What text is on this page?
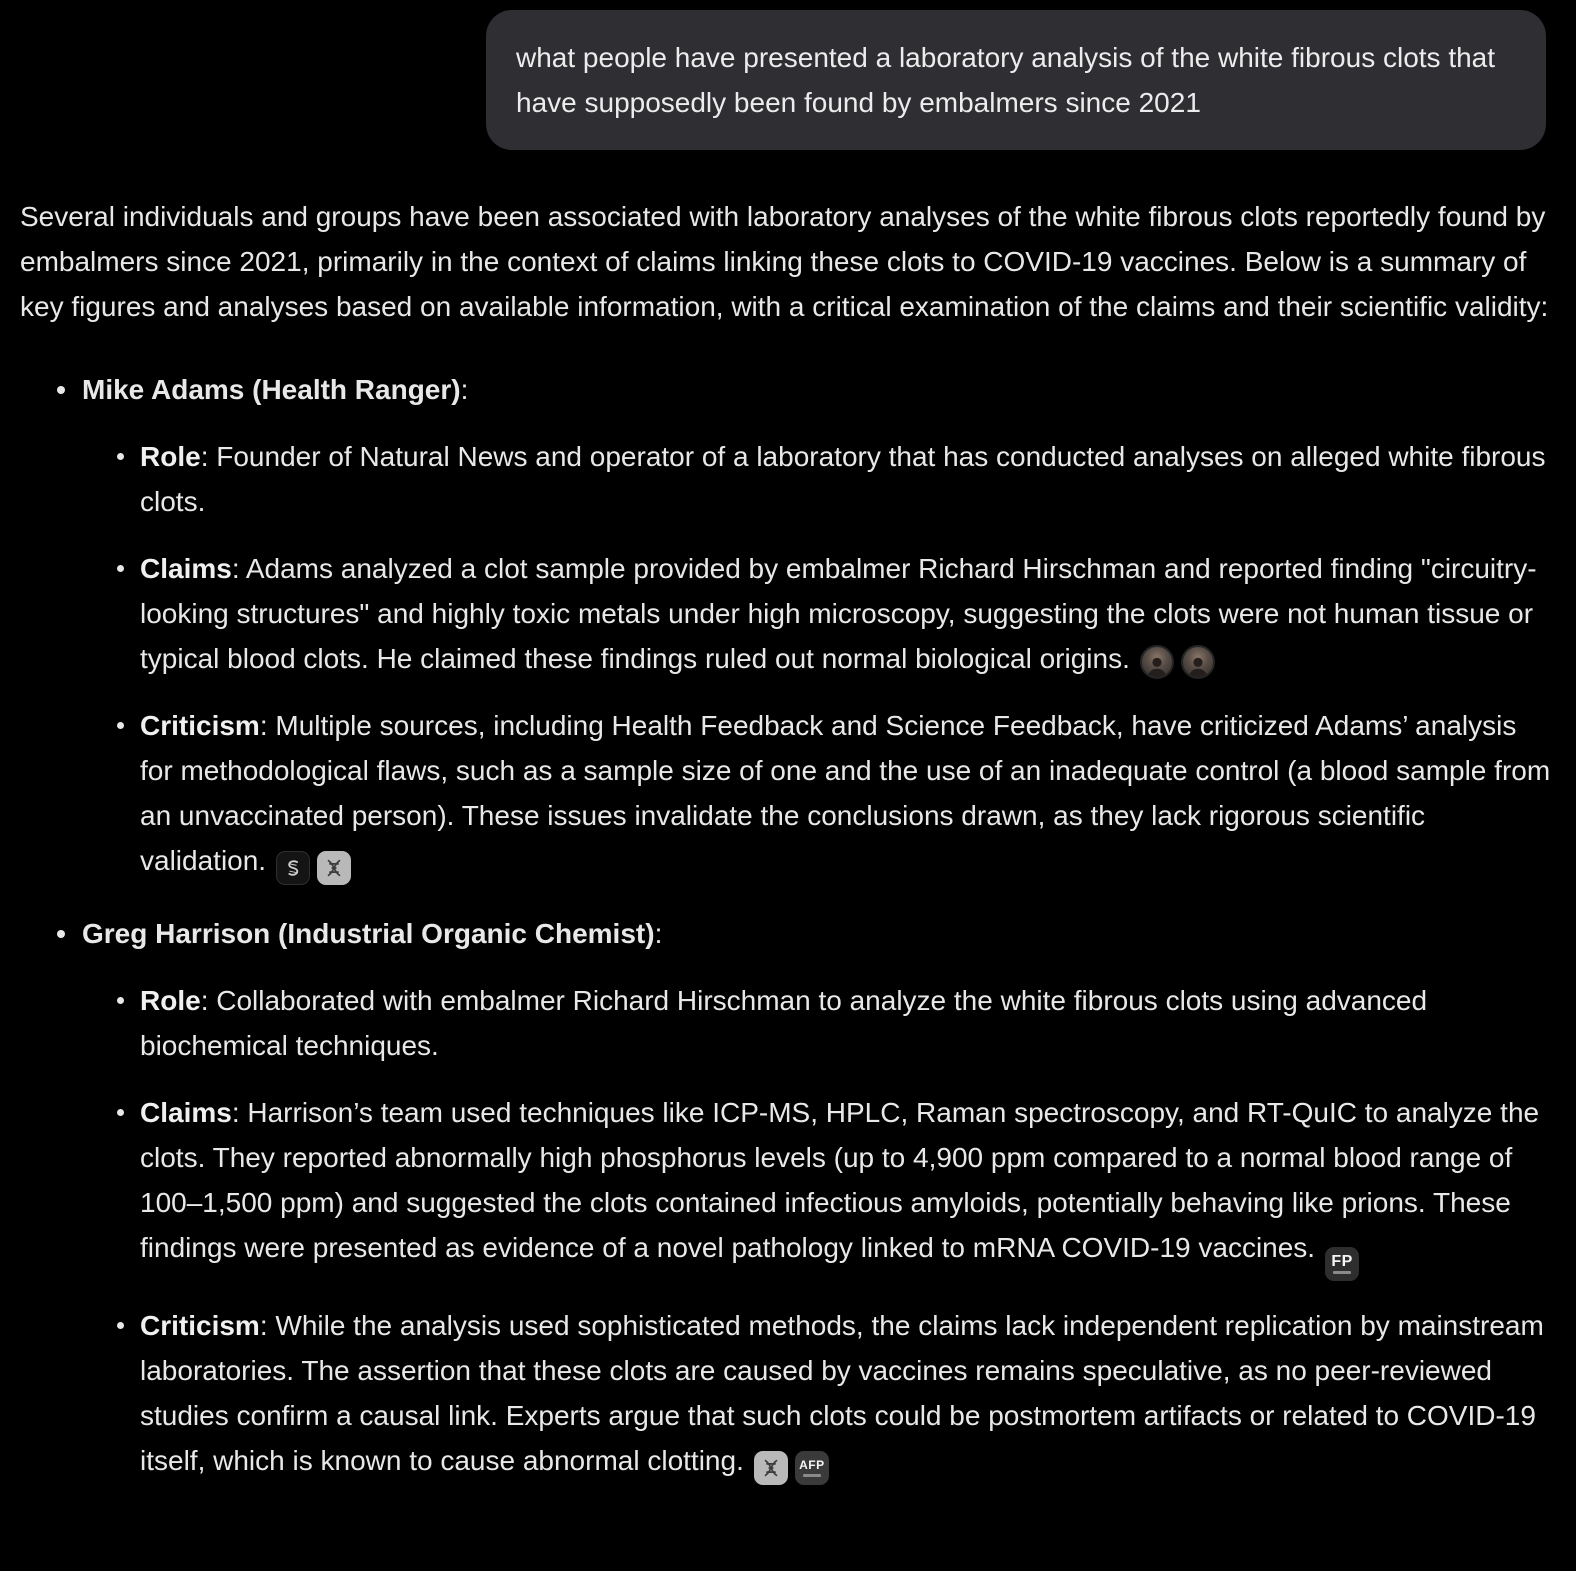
what people have presented a laboratory analysis of the white fibrous clots that have supposedly been found by embalmers since 2021

Several individuals and groups have been associated with laboratory analyses of the white fibrous clots reportedly found by embalmers since 2021, primarily in the context of claims linking these clots to COVID-19 vaccines. Below is a summary of key figures and analyses based on available information, with a critical examination of the claims and their scientific validity:

Mike Adams (Health Ranger):
Role: Founder of Natural News and operator of a laboratory that has conducted analyses on alleged white fibrous clots.
Claims: Adams analyzed a clot sample provided by embalmer Richard Hirschman and reported finding "circuitry-looking structures" and highly toxic metals under high microscopy, suggesting the clots were not human tissue or typical blood clots. He claimed these findings ruled out normal biological origins.
Criticism: Multiple sources, including Health Feedback and Science Feedback, have criticized Adams’ analysis for methodological flaws, such as a sample size of one and the use of an inadequate control (a blood sample from an unvaccinated person). These issues invalidate the conclusions drawn, as they lack rigorous scientific validation.
Greg Harrison (Industrial Organic Chemist):
Role: Collaborated with embalmer Richard Hirschman to analyze the white fibrous clots using advanced biochemical techniques.
Claims: Harrison’s team used techniques like ICP-MS, HPLC, Raman spectroscopy, and RT-QuIC to analyze the clots. They reported abnormally high phosphorus levels (up to 4,900 ppm compared to a normal blood range of 100–1,500 ppm) and suggested the clots contained infectious amyloids, potentially behaving like prions. These findings were presented as evidence of a novel pathology linked to mRNA COVID-19 vaccines. FP
Criticism: While the analysis used sophisticated methods, the claims lack independent replication by mainstream laboratories. The assertion that these clots are caused by vaccines remains speculative, as no peer-reviewed studies confirm a causal link. Experts argue that such clots could be postmortem artifacts or related to COVID-19 itself, which is known to cause abnormal clotting.	AFP
